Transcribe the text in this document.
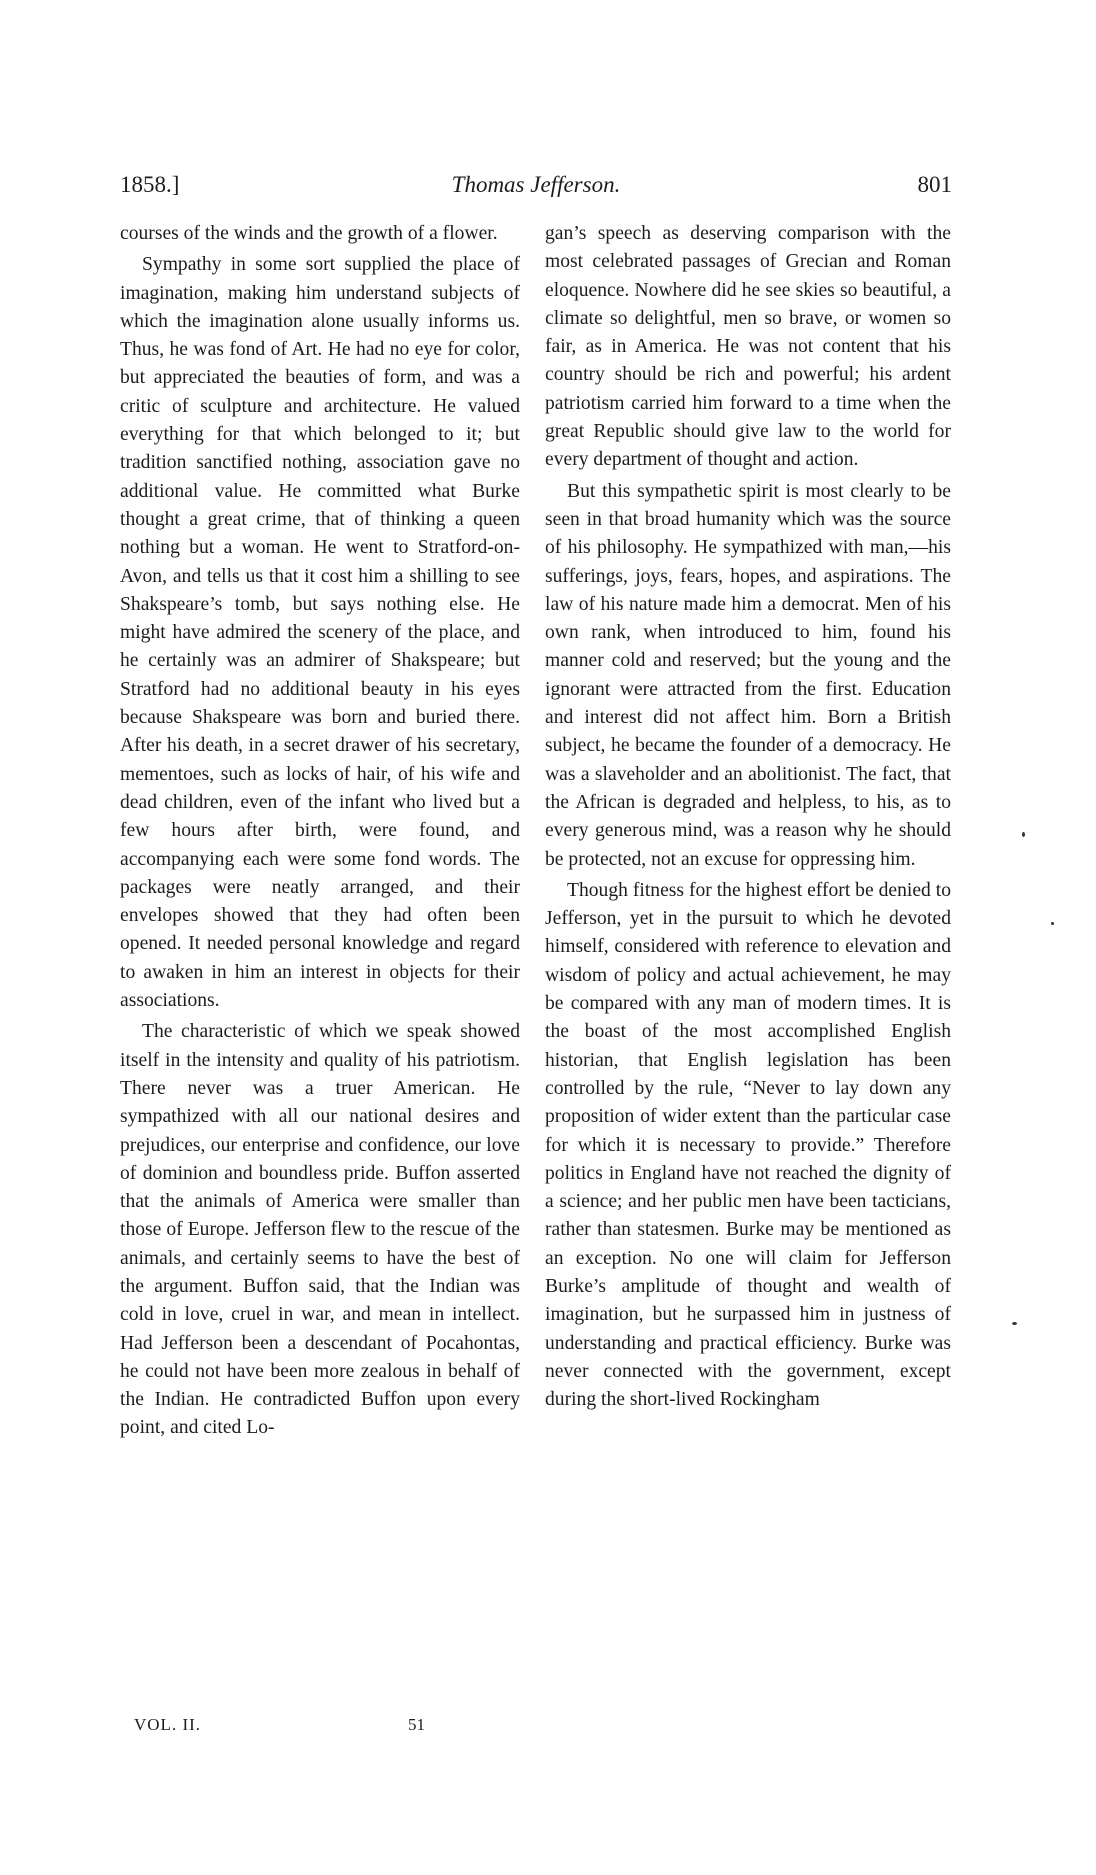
1858.]	Thomas Jefferson.	801

courses of the winds and the growth of a flower.

Sympathy in some sort supplied the place of imagination, making him understand subjects of which the imagination alone usually informs us. Thus, he was fond of Art. He had no eye for color, but appreciated the beauties of form, and was a critic of sculpture and architecture. He valued everything for that which belonged to it; but tradition sanctified nothing, association gave no additional value. He committed what Burke thought a great crime, that of thinking a queen nothing but a woman. He went to Stratford-on-Avon, and tells us that it cost him a shilling to see Shakspeare’s tomb, but says nothing else. He might have admired the scenery of the place, and he certainly was an admirer of Shakspeare; but Stratford had no additional beauty in his eyes because Shakspeare was born and buried there. After his death, in a secret drawer of his secretary, mementoes, such as locks of hair, of his wife and dead children, even of the infant who lived but a few hours after birth, were found, and accompanying each were some fond words. The packages were neatly arranged, and their envelopes showed that they had often been opened. It needed personal knowledge and regard to awaken in him an interest in objects for their associations.

The characteristic of which we speak showed itself in the intensity and quality of his patriotism. There never was a truer American. He sympathized with all our national desires and prejudices, our enterprise and confidence, our love of dominion and boundless pride. Buffon asserted that the animals of America were smaller than those of Europe. Jefferson flew to the rescue of the animals, and certainly seems to have the best of the argument. Buffon said, that the Indian was cold in love, cruel in war, and mean in intellect. Had Jefferson been a descendant of Pocahontas, he could not have been more zealous in behalf of the Indian. He contradicted Buffon upon every point, and cited Lo-

gan’s speech as deserving comparison with the most celebrated passages of Grecian and Roman eloquence. Nowhere did he see skies so beautiful, a climate so delightful, men so brave, or women so fair, as in America. He was not content that his country should be rich and powerful; his ardent patriotism carried him forward to a time when the great Republic should give law to the world for every department of thought and action.

But this sympathetic spirit is most clearly to be seen in that broad humanity which was the source of his philosophy. He sympathized with man,—his sufferings, joys, fears, hopes, and aspirations. The law of his nature made him a democrat. Men of his own rank, when introduced to him, found his manner cold and reserved; but the young and the ignorant were attracted from the first. Education and interest did not affect him. Born a British subject, he became the founder of a democracy. He was a slaveholder and an abolitionist. The fact, that the African is degraded and helpless, to his, as to every generous mind, was a reason why he should be protected, not an excuse for oppressing him.

Though fitness for the highest effort be denied to Jefferson, yet in the pursuit to which he devoted himself, considered with reference to elevation and wisdom of policy and actual achievement, he may be compared with any man of modern times. It is the boast of the most accomplished English historian, that English legislation has been controlled by the rule, “Never to lay down any proposition of wider extent than the particular case for which it is necessary to provide.” Therefore politics in England have not reached the dignity of a science; and her public men have been tacticians, rather than statesmen. Burke may be mentioned as an exception. No one will claim for Jefferson Burke’s amplitude of thought and wealth of imagination, but he surpassed him in justness of understanding and practical efficiency. Burke was never connected with the government, except during the short-lived Rockingham

VOL. II.	51
